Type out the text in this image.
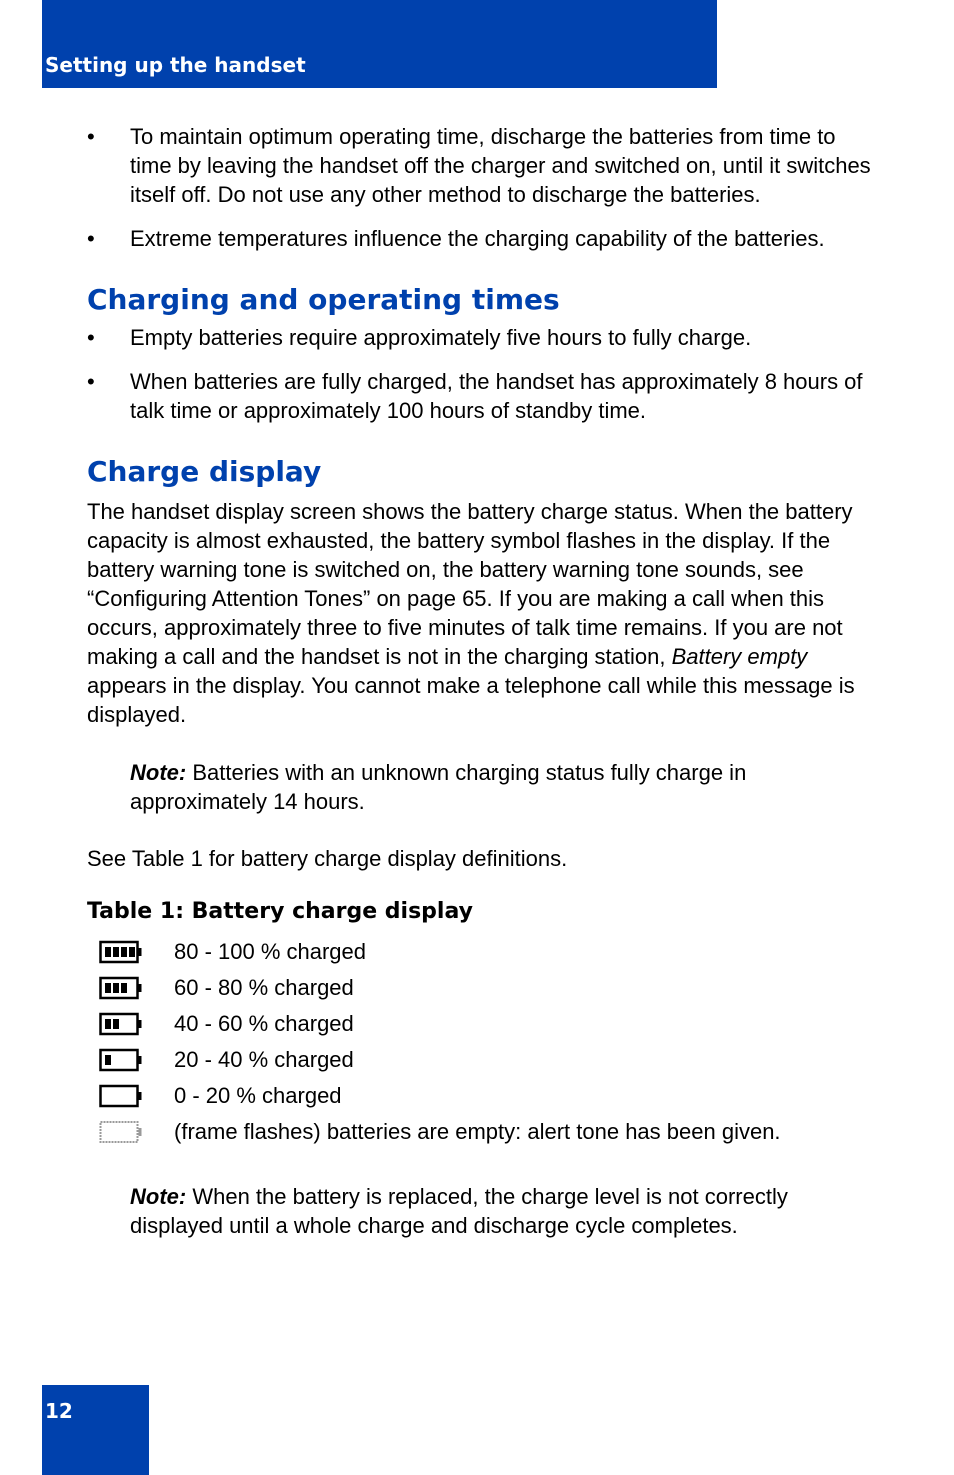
Setting up the handset
• To maintain optimum operating time, discharge the batteries from time to time by leaving the handset off the charger and switched on, until it switches itself off. Do not use any other method to discharge the batteries.
• Extreme temperatures influence the charging capability of the batteries.
Charging and operating times
• Empty batteries require approximately five hours to fully charge.
• When batteries are fully charged, the handset has approximately 8 hours of talk time or approximately 100 hours of standby time.
Charge display

The handset display screen shows the battery charge status. When the battery capacity is almost exhausted, the battery symbol flashes in the display. If the battery warning tone is switched on, the battery warning tone sounds, see “Configuring Attention Tones” on page 65. If you are making a call when this occurs, approximately three to five minutes of talk time remains. If you are not making a call and the handset is not in the charging station, Battery empty appears in the display. You cannot make a telephone call while this message is displayed.

Note: Batteries with an unknown charging status fully charge in approximately 14 hours.

See Table 1 for battery charge display definitions.

Table 1: Battery charge display

80 - 100 % charged
60 - 80 % charged
40 - 60 % charged
20 - 40 % charged
0 - 20 % charged
(frame flashes) batteries are empty: alert tone has been given.

Note: When the battery is replaced, the charge level is not correctly displayed until a whole charge and discharge cycle completes.

12
